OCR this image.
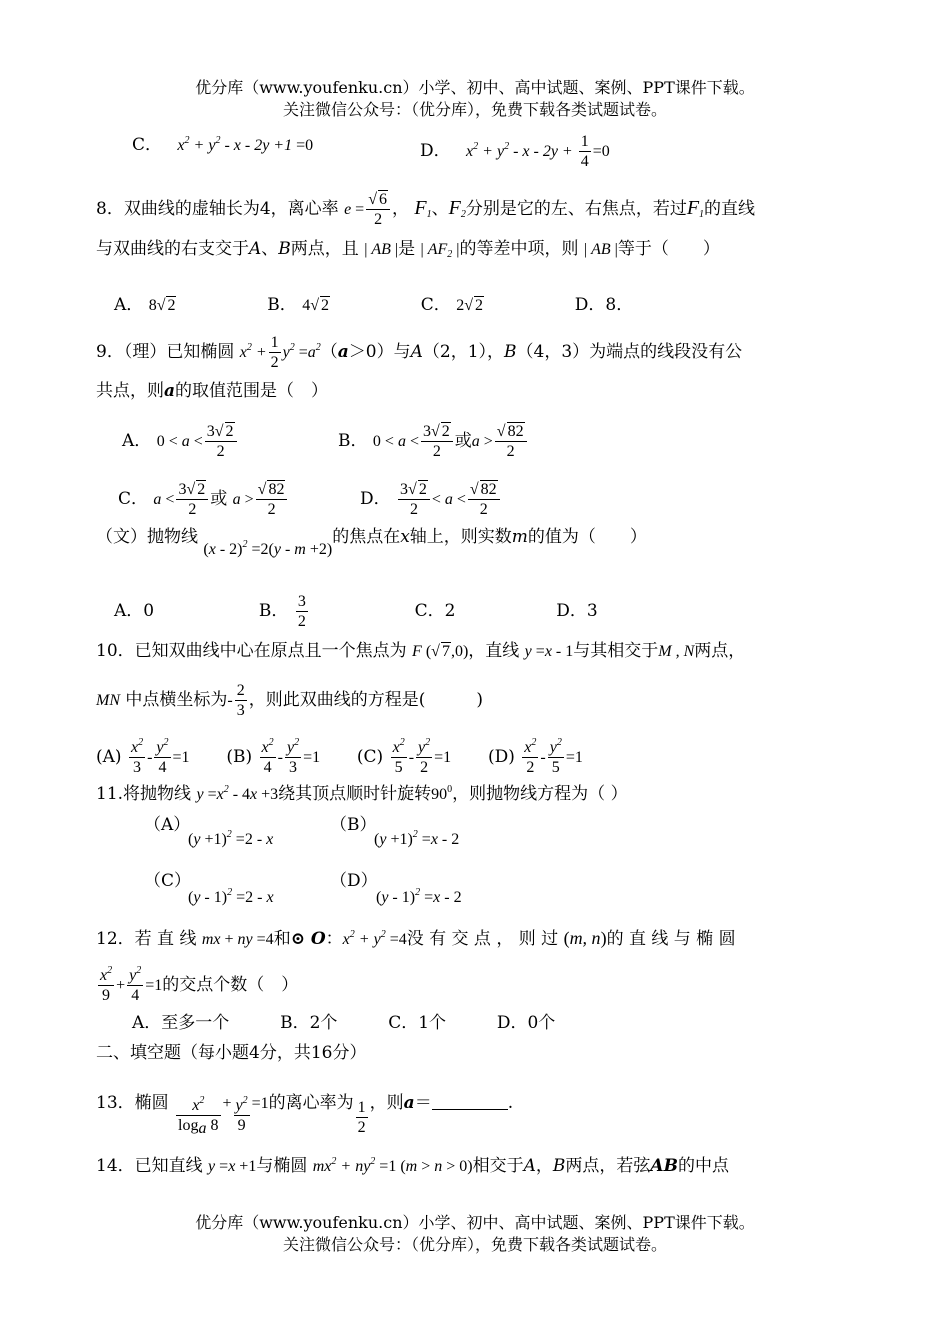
优分库（www.youfenku.cn）小学、初中、高中试题、案例、PPT课件下载。
关注微信公众号：（优分库），免费下载各类试题试卷。
C． $x^2 + y^2 - x - 2y +1 =0$	D． $x^2 + y^2 - x - 2y + \frac{1}{4} =0$
8．双曲线的虚轴长为4，离心率 $e = \frac{√ 6}{2}$ ， $F_1$、$F_2$分别是它的左、右焦点，若过$F_1$的直线
与双曲线的右支交于A、B两点，且 | AB |是 | $AF_2$ |的等差中项，则 | AB |等于（　　）
A． 8√ 2	B． 4√ 2	C． 2√ 2	D．8．
9．（理）已知椭圆 $x^2 + \frac{1}{2} y^2 =a^2(a>0)$与A（2，1），B（4，3）为端点的线段没有公
共点，则a的取值范围是（　）
A． $0 < a < \frac{3√ 2}{2}$	B． $0 < a < \frac{3√ 2}{2}$ 或$a > \frac{√ 82}{2}$
C． $a < \frac{3√ 2}{2}$ 或 $a > \frac{√ 82}{2}$	D． $\frac{3√ 2}{2} < a < \frac{√ 82}{2}$
（文）抛物线 (x - 2)$^2$ =2(y - m +2)的焦点在x轴上，则实数m的值为（　　）
A．0	B． $\frac{3}{2}$	C．2	D．3
10．已知双曲线中心在原点且一个焦点为 F (√ 7,0)，直线 y =x - 1与其相交于M , N两点，
MN 中点横坐标为- $\frac{2}{3}$ ，则此双曲线的方程是(　　　)
$(A) \frac{x^2}{3} - \frac{y^2}{4} =1$ $(B) \frac{x^2}{4} - \frac{y^2}{3} =1$ $(C) \frac{x^2}{5} - \frac{y^2}{2} =1$ $(D) \frac{x^2}{2} - \frac{y^2}{5} =1$
11.将抛物线 $y =x^2 - 4x +3$绕其顶点顺时针旋转$90^0$，则抛物线方程为（ ）
（A）
$(y +1)^2 =2 - x$
（B）
$(y +1)^2 =x - 2$
（C）
(y - 1)$^2$ =2 - x
（D）
(y - 1)$^2$ =x - 2
12．若 直 线 mx + ny =4和⊙ O：$x^2 + y^2 =4$没 有 交 点 ， 则 过 (m, n)的 直 线 与 椭 圆
$\frac{x^2}{9} + \frac{y^2}{4} =1$的交点个数（　）
A．至多一个	B．2个	C．1个	D．0个
二、填空题（每小题4分，共16分）
13．椭圆 $\frac{x^2}{\log_a 8} + \frac{y^2}{9} =1$的离心率为 $\frac{1}{2}$ ，则a＝	.
14．已知直线 y =x +1与椭圆 $mx^2 + ny^2 =1$ (m > n > 0)相交于A，B两点，若弦AB的中点
优分库（www.youfenku.cn）小学、初中、高中试题、案例、PPT课件下载。
关注微信公众号：（优分库），免费下载各类试题试卷。
